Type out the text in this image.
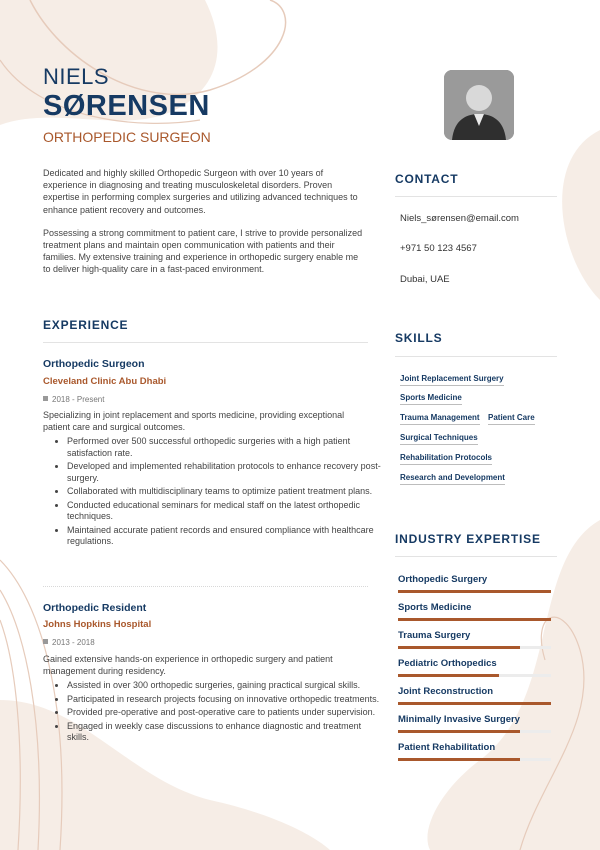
NIELS
SØRENSEN
ORTHOPEDIC SURGEON

Dedicated and highly skilled Orthopedic Surgeon with over 10 years of experience in diagnosing and treating musculoskeletal disorders. Proven expertise in performing complex surgeries and utilizing advanced techniques to enhance patient recovery and outcomes.

Possessing a strong commitment to patient care, I strive to provide personalized treatment plans and maintain open communication with patients and their families. My extensive training and experience in orthopedic surgery enable me to deliver high-quality care in a fast-paced environment.

CONTACT
Niels_sørensen@email.com
+971 50 123 4567
Dubai, UAE
EXPERIENCE
Orthopedic Surgeon
Cleveland Clinic Abu Dhabi
2018 - Present
Specializing in joint replacement and sports medicine, providing exceptional patient care and surgical outcomes.
• Performed over 500 successful orthopedic surgeries with a high patient satisfaction rate.
• Developed and implemented rehabilitation protocols to enhance recovery post-surgery.
• Collaborated with multidisciplinary teams to optimize patient treatment plans.
• Conducted educational seminars for medical staff on the latest orthopedic techniques.
• Maintained accurate patient records and ensured compliance with healthcare regulations.
Orthopedic Resident
Johns Hopkins Hospital
2013 - 2018
Gained extensive hands-on experience in orthopedic surgery and patient management during residency.
• Assisted in over 300 orthopedic surgeries, gaining practical surgical skills.
• Participated in research projects focusing on innovative orthopedic treatments.
• Provided pre-operative and post-operative care to patients under supervision.
• Engaged in weekly case discussions to enhance diagnostic and treatment skills.
SKILLS
Joint Replacement Surgery
Sports Medicine
Trauma Management Patient Care
Surgical Techniques
Rehabilitation Protocols
Research and Development
INDUSTRY EXPERTISE
Orthopedic Surgery
Sports Medicine
Trauma Surgery
Pediatric Orthopedics
Joint Reconstruction
Minimally Invasive Surgery
Patient Rehabilitation
